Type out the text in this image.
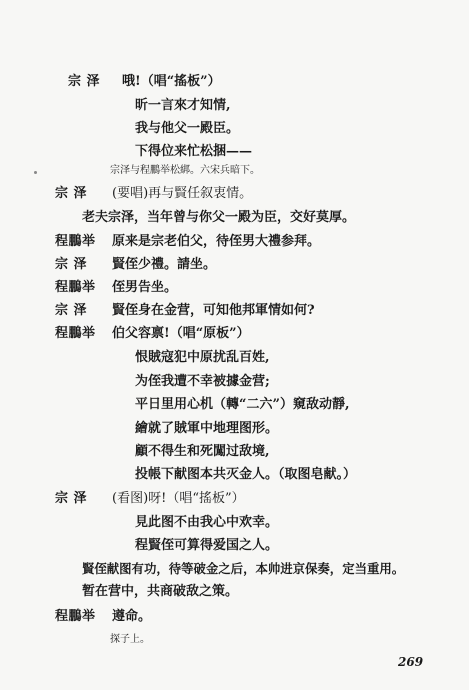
宗 泽 哦!（唱“搖板”）
昕一言來才知情,
我与他父一殿臣。
下得位来忙松捆——
宗泽与程鵬举松綁。六宋兵暗下。
宗 泽 (要唱)再与賢任叙衷情。
老夫宗泽，当年曾与你父一殿为臣，交好莫厚。
程鵬举 原来是宗老伯父，待侄男大禮参拜。
宗 泽 賢侄少禮。請坐。
程鵬举 侄男告坐。
宗 泽 賢侄身在金营，可知他邦軍情如何?
程鵬举 伯父容禀!（唱“原板”）
恨賊寇犯中原扰乱百姓,
为侄我遭不幸被據金营;
平日里用心机（轉“二六”）窺敌动靜,
繪就了賊軍中地理图形。
顧不得生和死闖过敌境,
投帳下献图本共灭金人。（取图皂献。）
宗 泽 (看图)呀!（唱“搖板”）
見此图不由我心中欢幸。
程賢侄可算得爱国之人。
賢侄献图有功，待等破金之后，本帅进京保奏，定当重用。
暂在营中，共商破敌之策。
程鵬举 遵命。
探子上。
269
